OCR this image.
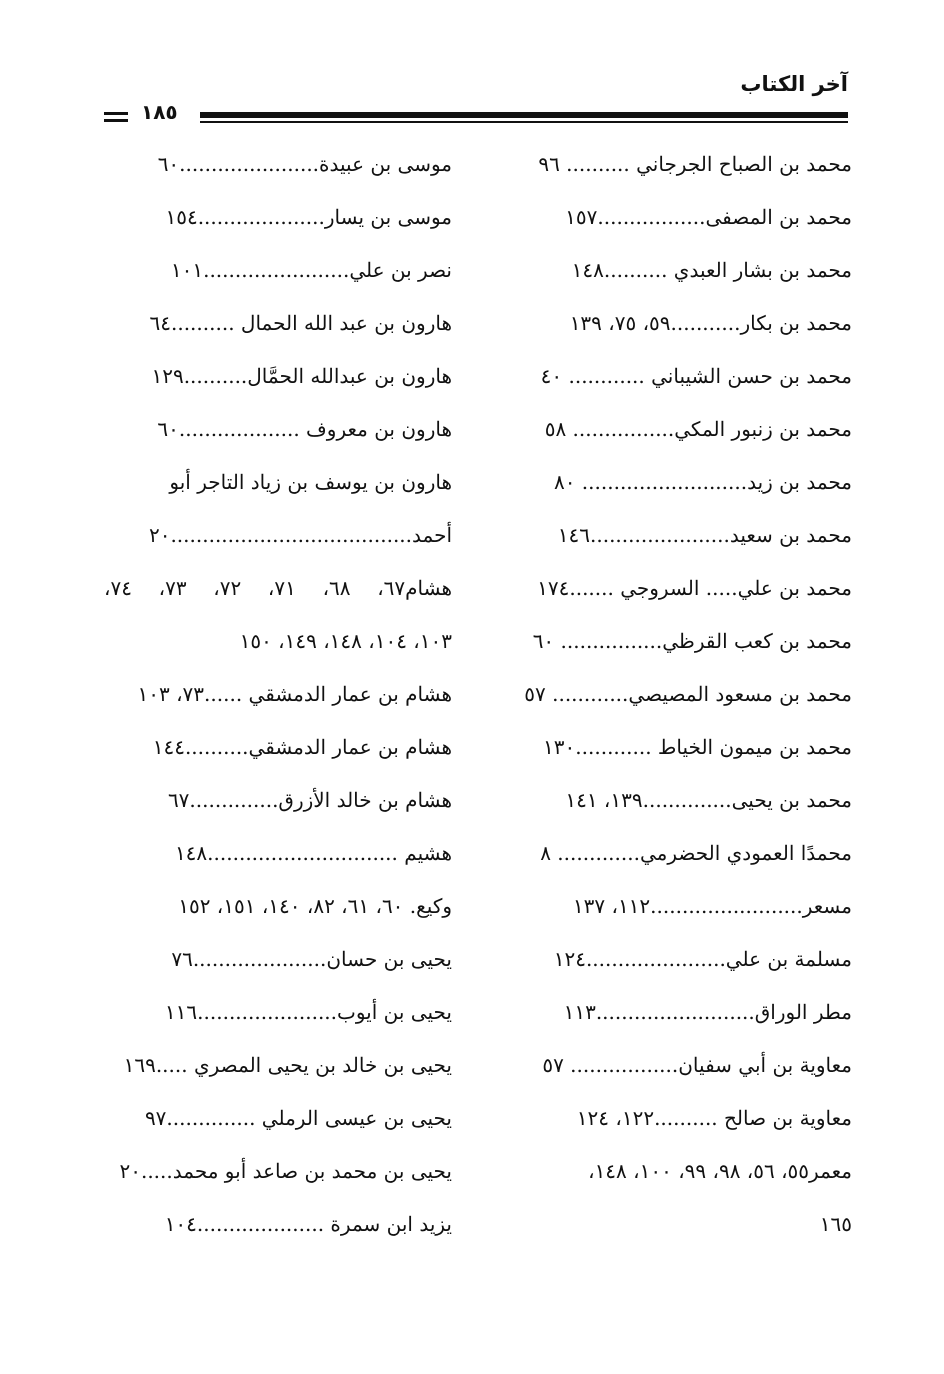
آخر الكتاب
١٨٥
محمد بن الصباح الجرجاني .......... ٩٦
محمد بن المصفى.................١٥٧
محمد بن بشار العبدي ..........١٤٨
محمد بن بكار...........٥٩، ٧٥، ١٣٩
محمد بن حسن الشيباني ............ ٤٠
محمد بن زنبور المكي................ ٥٨
محمد بن زيد.......................... ٨٠
محمد بن سعيد......................١٤٦
محمد بن علي..... السروجي .......١٧٤
محمد بن كعب القرظي................ ٦٠
محمد بن مسعود المصيصي............ ٥٧
محمد بن ميمون الخياط ............١٣٠
محمد بن يحيى..............١٣٩، ١٤١
محمدًا العمودي الحضرمي............. ٨
مسعر........................١١٢، ١٣٧
مسلمة بن علي......................١٢٤
مطر الوراق.........................١١٣
معاوية بن أبي سفيان................. ٥٧
معاوية بن صالح ..........١٢٢، ١٢٤
معمر٥٥، ٥٦، ٩٨، ٩٩، ١٠٠، ١٤٨،
١٦٥
موسى بن عبيدة......................٦٠
موسى بن يسار....................١٥٤
نصر بن علي.......................١٠١
هارون بن عبد الله الحمال ..........٦٤
هارون بن عبدالله الحمَّال..........١٢٩
هارون بن معروف ...................٦٠
هارون بن يوسف بن زياد التاجر أبو
أحمد......................................٢٠
هشام٦٧، ٦٨، ٧١، ٧٢، ٧٣، ٧٤،
١٠٣، ١٠٤، ١٤٨، ١٤٩، ١٥٠
هشام بن عمار الدمشقي ......٧٣، ١٠٣
هشام بن عمار الدمشقي..........١٤٤
هشام بن خالد الأزرق..............٦٧
هشيم ..............................١٤٨
وكيع. ٦٠، ٦١، ٨٢، ١٤٠، ١٥١، ١٥٢
يحيى بن حسان.....................٧٦
يحيى بن أيوب......................١١٦
يحيى بن خالد بن يحيى المصري .....١٦٩
يحيى بن عيسى الرملي ..............٩٧
يحيى بن محمد بن صاعد أبو محمد.....٢٠
يزيد ابن سمرة ....................١٠٤
